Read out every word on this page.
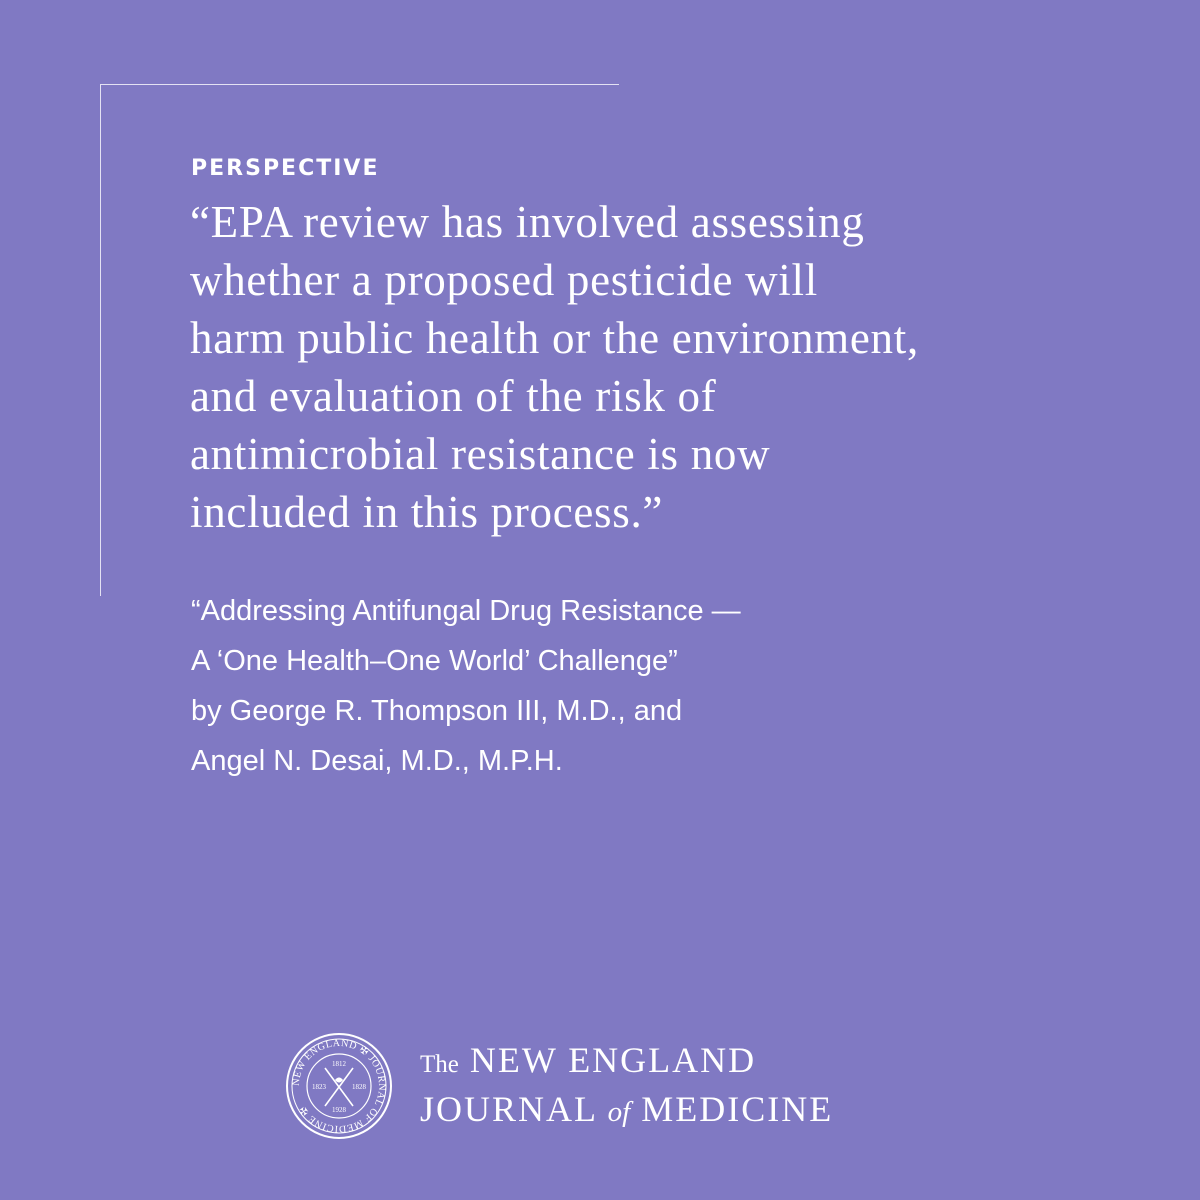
PERSPECTIVE
“EPA review has involved assessing
whether a proposed pesticide will
harm public health or the environment,
and evaluation of the risk of
antimicrobial resistance is now
included in this process.”
“Addressing Antifungal Drug Resistance —
A ‘One Health–One World’ Challenge”
by George R. Thompson III, M.D., and
Angel N. Desai, M.D., M.P.H.
NEW ENGLAND ✠ JOURNAL OF MEDICINE ✠
1812
1823	1828
1928
The NEW ENGLAND
JOURNAL of MEDICINE
